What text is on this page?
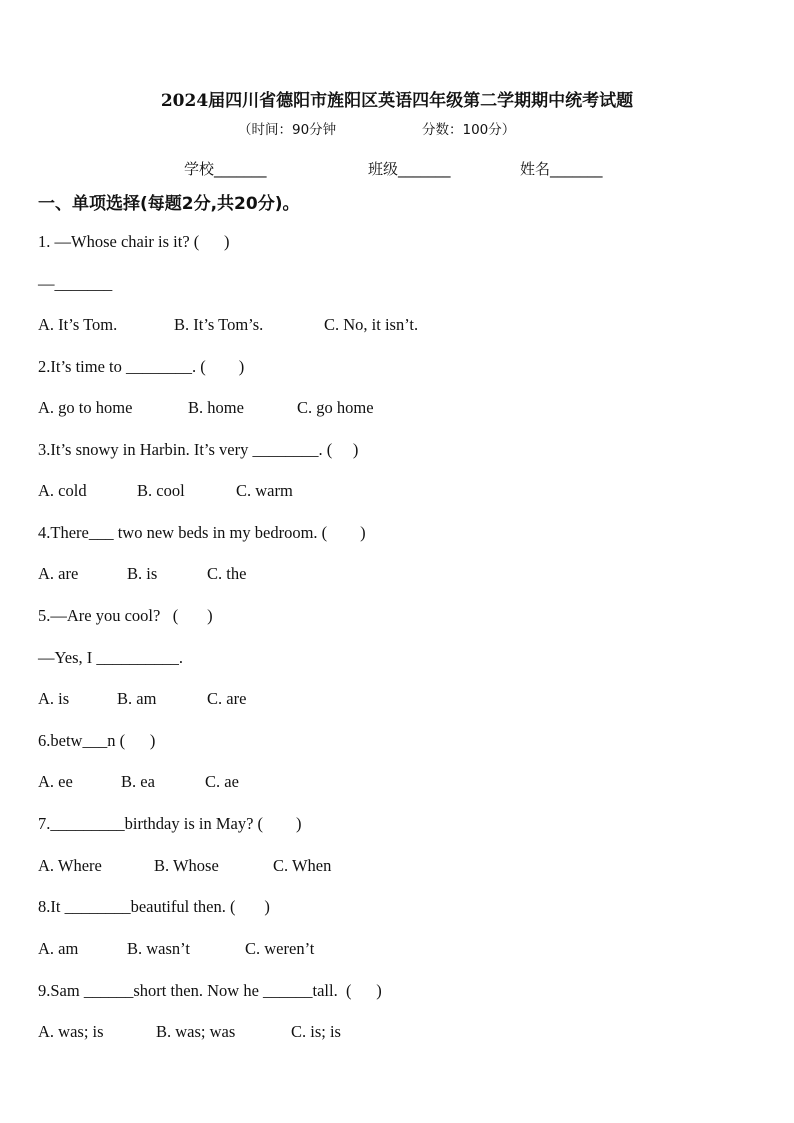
2024届四川省德阳市旌阳区英语四年级第二学期期中统考试题
（时间：90分钟                    分数：100分）
学校_______	班级_______	姓名_______
一、单项选择(每题2分,共20分)。
1. —Whose chair is it? (      )
—_______
A. It’s Tom.	B. It’s Tom’s.	C. No, it isn’t.
2.It’s time to ________. (        )
A. go to home	B. home	C. go home
3.It’s snowy in Harbin. It’s very ________. (     )
A. cold	B. cool	C. warm
4.There___ two new beds in my bedroom. (        )
A. are	B. is	C. the
5.—Are you cool?   (       )
—Yes, I __________.
A. is	B. am	C. are
6.betw___n (      )
A. ee	B. ea	C. ae
7._________birthday is in May? (        )
A. Where	B. Whose	C. When
8.It ________beautiful then. (       )
A. am	B. wasn’t	C. weren’t
9.Sam ______short then. Now he ______tall.  (      )
A. was; is	B. was; was	C. is; is
